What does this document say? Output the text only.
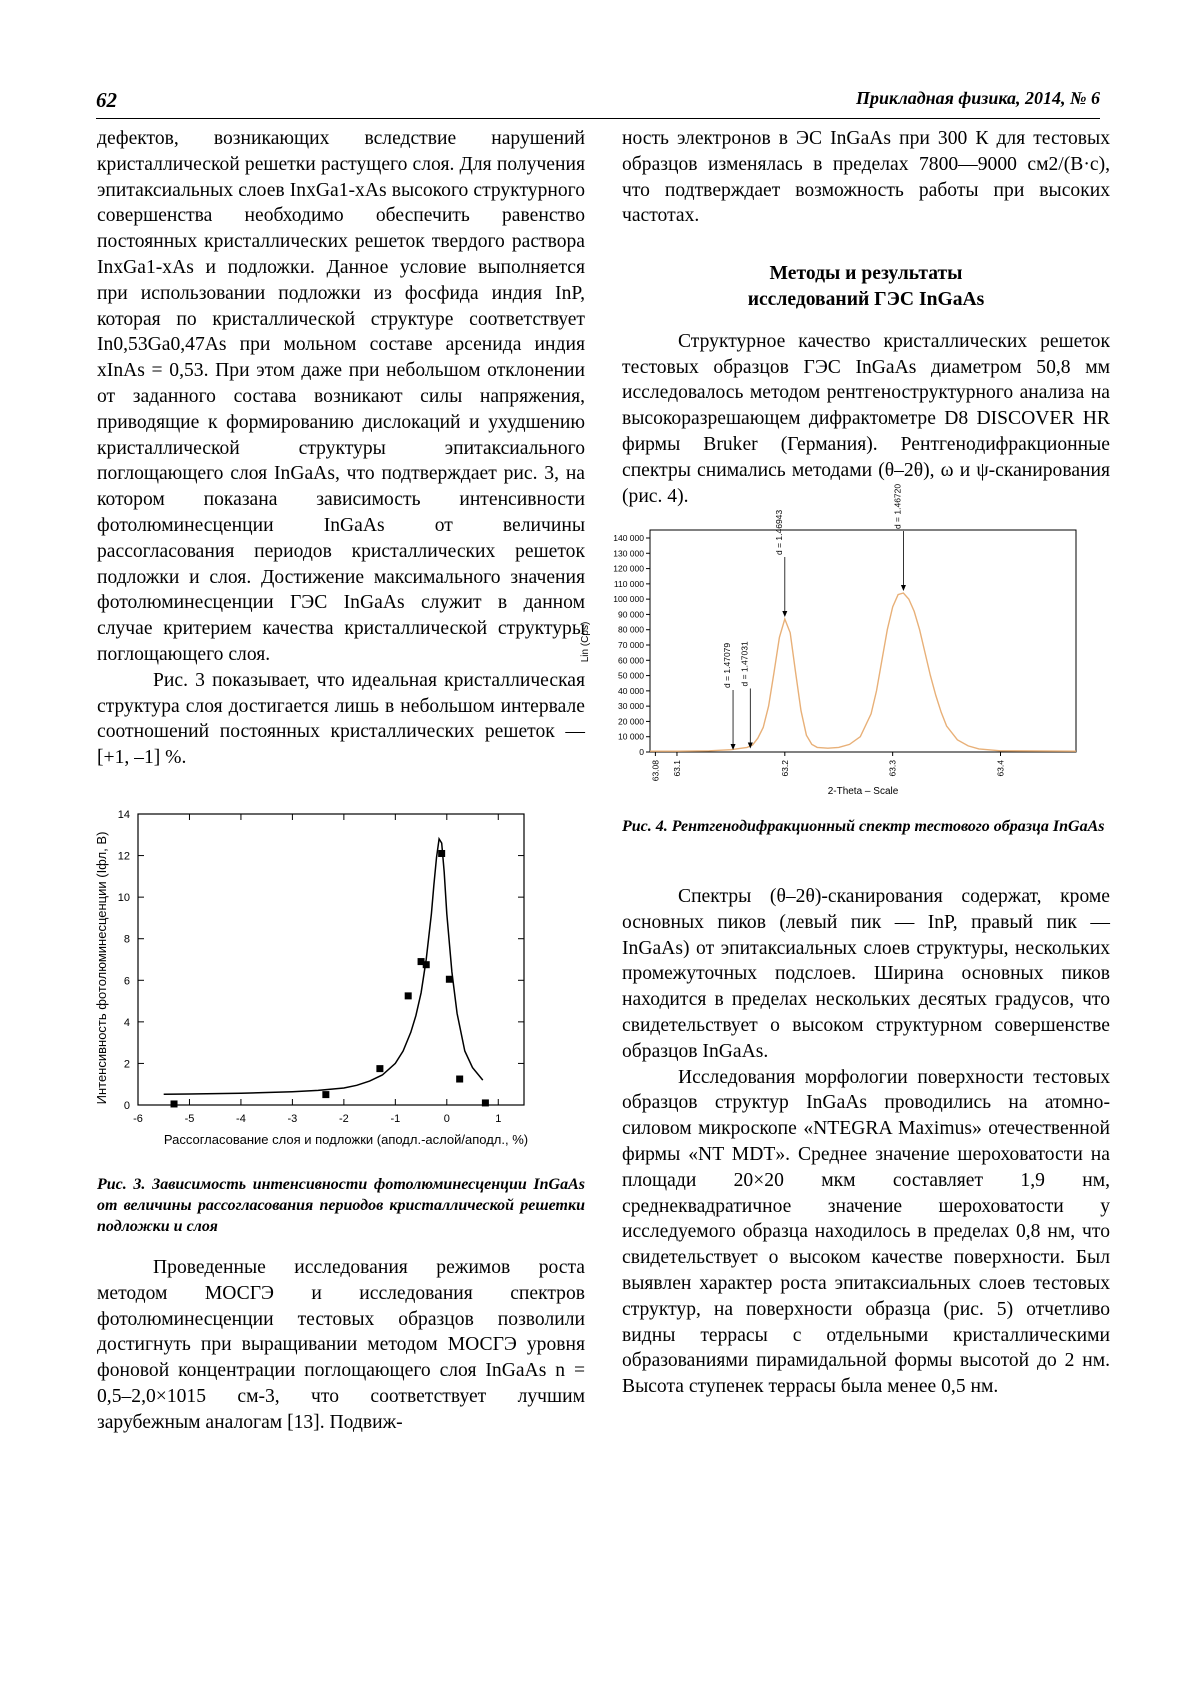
62	Прикладная физика, 2014, № 6

дефектов, возникающих вследствие нарушений кристаллической решетки растущего слоя. Для получения эпитаксиальных слоев InxGa1-xAs высокого структурного совершенства необходимо обеспечить равенство постоянных кристаллических решеток твердого раствора InxGa1-xAs и подложки. Данное условие выполняется при использовании подложки из фосфида индия InP, которая по кристаллической структуре соответствует In0,53Ga0,47As при мольном составе арсенида индия xInAs = 0,53. При этом даже при небольшом отклонении от заданного состава возникают силы напряжения, приводящие к формированию дислокаций и ухудшению кристаллической структуры эпитаксиального поглощающего слоя InGaAs, что подтверждает рис. 3, на котором показана зависимость интенсивности фотолюминесценции InGaAs от величины рассогласования периодов кристаллических решеток подложки и слоя. Достижение максимального значения фотолюминесценции ГЭС InGaAs служит в данном случае критерием качества кристаллической структуры поглощающего слоя.

Рис. 3 показывает, что идеальная кристаллическая структура слоя достигается лишь в небольшом интервале соотношений постоянных кристаллических решеток — [+1, –1] %.

0
2
4
6
8
10
12
14
-6	-5	-4	-3	-2	-1	0	1
Интенсивность фотолюминесценции (Iфл, В)
Рассогласование слоя и подложки (aподл.-aслой/aподл., %)
Рис. 3. Зависимость интенсивности фотолюминесценции InGaAs от величины рассогласования периодов кристаллической решетки подложки и слоя

Проведенные исследования режимов роста методом МОСГЭ и исследования спектров фотолюминесценции тестовых образцов позволили достигнуть при выращивании методом МОСГЭ уровня фоновой концентрации поглощающего слоя InGaAs n = 0,5–2,0×1015 см-3, что соответствует лучшим зарубежным аналогам [13]. Подвиж-

ность электронов в ЭС InGaAs при 300 К для тестовых образцов изменялась в пределах 7800—9000 см2/(В·с), что подтверждает возможность работы при высоких частотах.

Методы и результаты
исследований ГЭС InGaAs

Структурное качество кристаллических решеток тестовых образцов ГЭС InGaAs диаметром 50,8 мм исследовалось методом рентгеноструктурного анализа на высокоразрешающем дифрактометре D8 DISCOVER HR фирмы Bruker (Германия). Рентгенодифракционные спектры снимались методами (θ–2θ), ω и ψ-сканирования (рис. 4).

0
10 000
20 000
30 000
40 000
50 000
60 000
70 000
80 000
90 000
100 000
110 000
120 000
130 000
140 000
63.08 63.1	63.2	63.3	63.4
d = 1.47079 d = 1.47031
d = 1.46943
d = 1.46720
Lin (Cps)
2-Theta – Scale
Рис. 4. Рентгенодифракционный спектр тестового образца InGaAs

Спектры (θ–2θ)-сканирования содержат, кроме основных пиков (левый пик — InP, правый пик — InGaAs) от эпитаксиальных слоев структуры, нескольких промежуточных подслоев. Ширина основных пиков находится в пределах нескольких десятых градусов, что свидетельствует о высоком структурном совершенстве образцов InGaAs.

Исследования морфологии поверхности тестовых образцов структур InGaAs проводились на атомно-силовом микроскопе «NTEGRA Maximus» отечественной фирмы «NT MDT». Среднее значение шероховатости на площади 20×20 мкм составляет 1,9 нм, среднеквадратичное значение шероховатости у исследуемого образца находилось в пределах 0,8 нм, что свидетельствует о высоком качестве поверхности. Был выявлен характер роста эпитаксиальных слоев тестовых структур, на поверхности образца (рис. 5) отчетливо видны террасы с отдельными кристаллическими образованиями пирамидальной формы высотой до 2 нм. Высота ступенек террасы была менее 0,5 нм.
